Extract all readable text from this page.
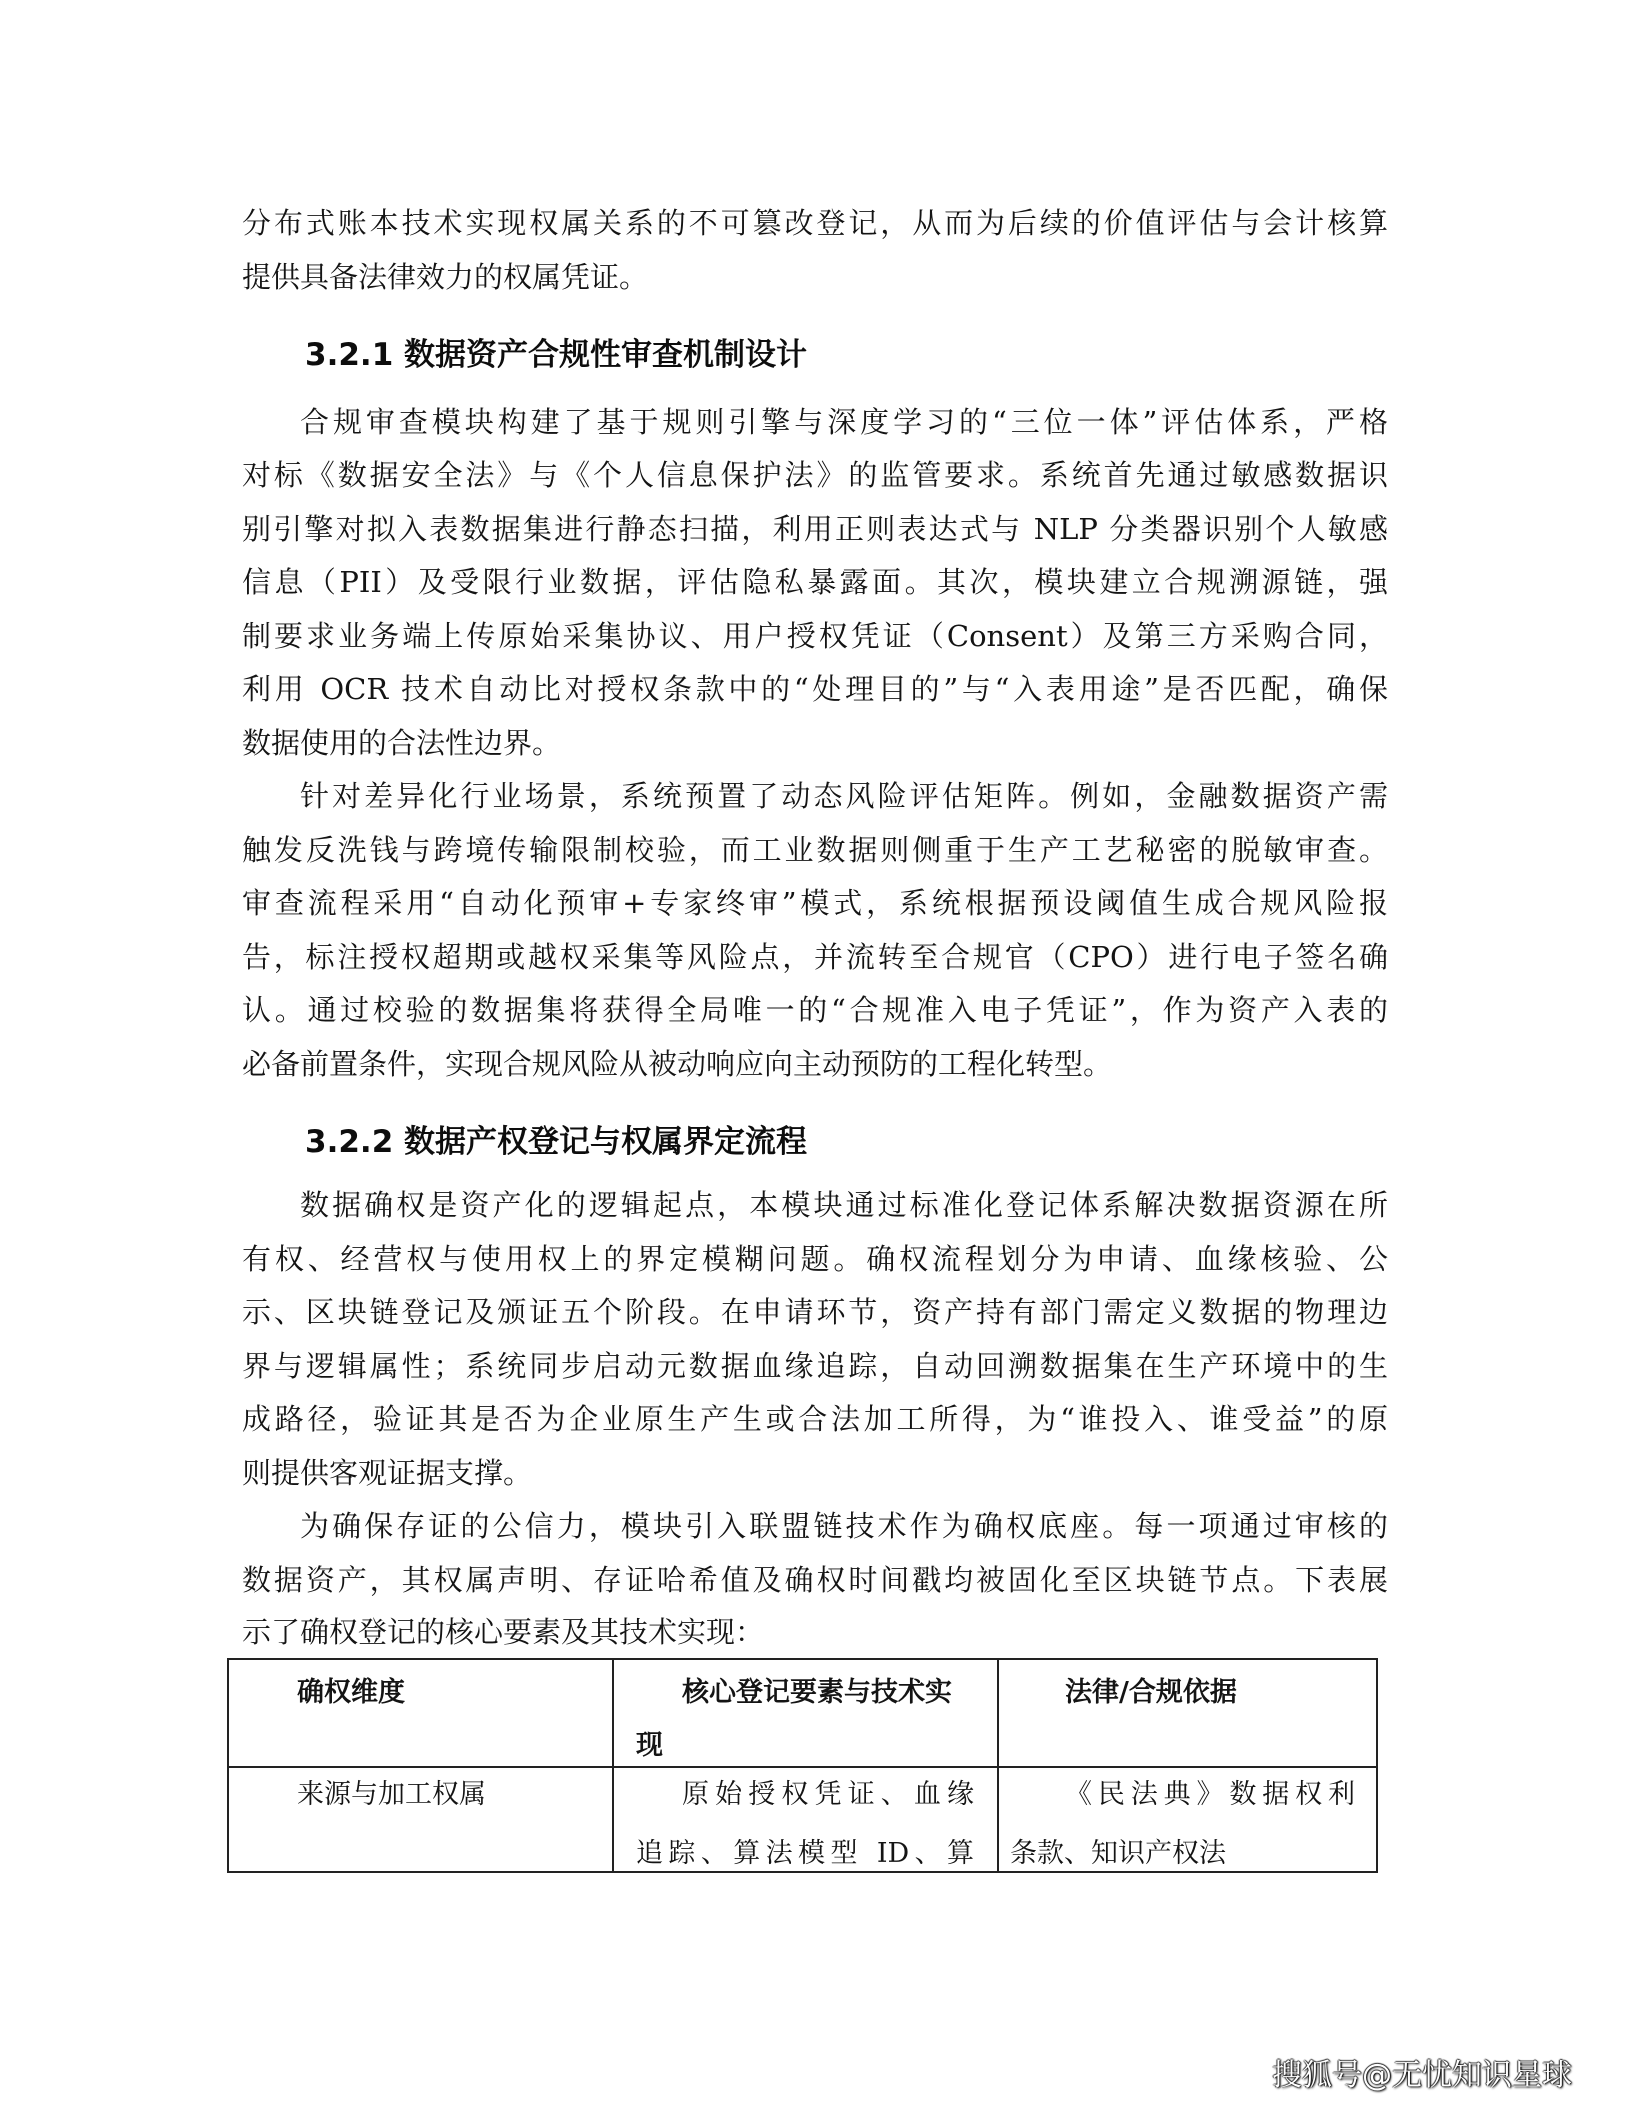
分布式账本技术实现权属关系的不可篡改登记，从而为后续的价值评估与会计核算
提供具备法律效力的权属凭证。
3.2.1 数据资产合规性审查机制设计
合规审查模块构建了基于规则引擎与深度学习的“三位一体”评估体系，严格
对标《数据安全法》与《个人信息保护法》的监管要求。系统首先通过敏感数据识
别引擎对拟入表数据集进行静态扫描，利用正则表达式与 NLP 分类器识别个人敏感
信息（PII）及受限行业数据，评估隐私暴露面。其次，模块建立合规溯源链，强
制要求业务端上传原始采集协议、用户授权凭证（Consent）及第三方采购合同，
利用 OCR 技术自动比对授权条款中的“处理目的”与“入表用途”是否匹配，确保
数据使用的合法性边界。
针对差异化行业场景，系统预置了动态风险评估矩阵。例如，金融数据资产需
触发反洗钱与跨境传输限制校验，而工业数据则侧重于生产工艺秘密的脱敏审查。
审查流程采用“自动化预审+专家终审”模式，系统根据预设阈值生成合规风险报
告，标注授权超期或越权采集等风险点，并流转至合规官（CPO）进行电子签名确
认。通过校验的数据集将获得全局唯一的“合规准入电子凭证”，作为资产入表的
必备前置条件，实现合规风险从被动响应向主动预防的工程化转型。
3.2.2 数据产权登记与权属界定流程
数据确权是资产化的逻辑起点，本模块通过标准化登记体系解决数据资源在所
有权、经营权与使用权上的界定模糊问题。确权流程划分为申请、血缘核验、公
示、区块链登记及颁证五个阶段。在申请环节，资产持有部门需定义数据的物理边
界与逻辑属性；系统同步启动元数据血缘追踪，自动回溯数据集在生产环境中的生
成路径，验证其是否为企业原生产生或合法加工所得，为“谁投入、谁受益”的原
则提供客观证据支撑。
为确保存证的公信力，模块引入联盟链技术作为确权底座。每一项通过审核的
数据资产，其权属声明、存证哈希值及确权时间戳均被固化至区块链节点。下表展
示了确权登记的核心要素及其技术实现：
确权维度	核心登记要素与技术实
现
法律/合规依据
来源与加工权属	原始授权凭证、血缘
追踪、算法模型 ID、算
《民法典》数据权利
条款、知识产权法
搜狐号@无忧知识星球
